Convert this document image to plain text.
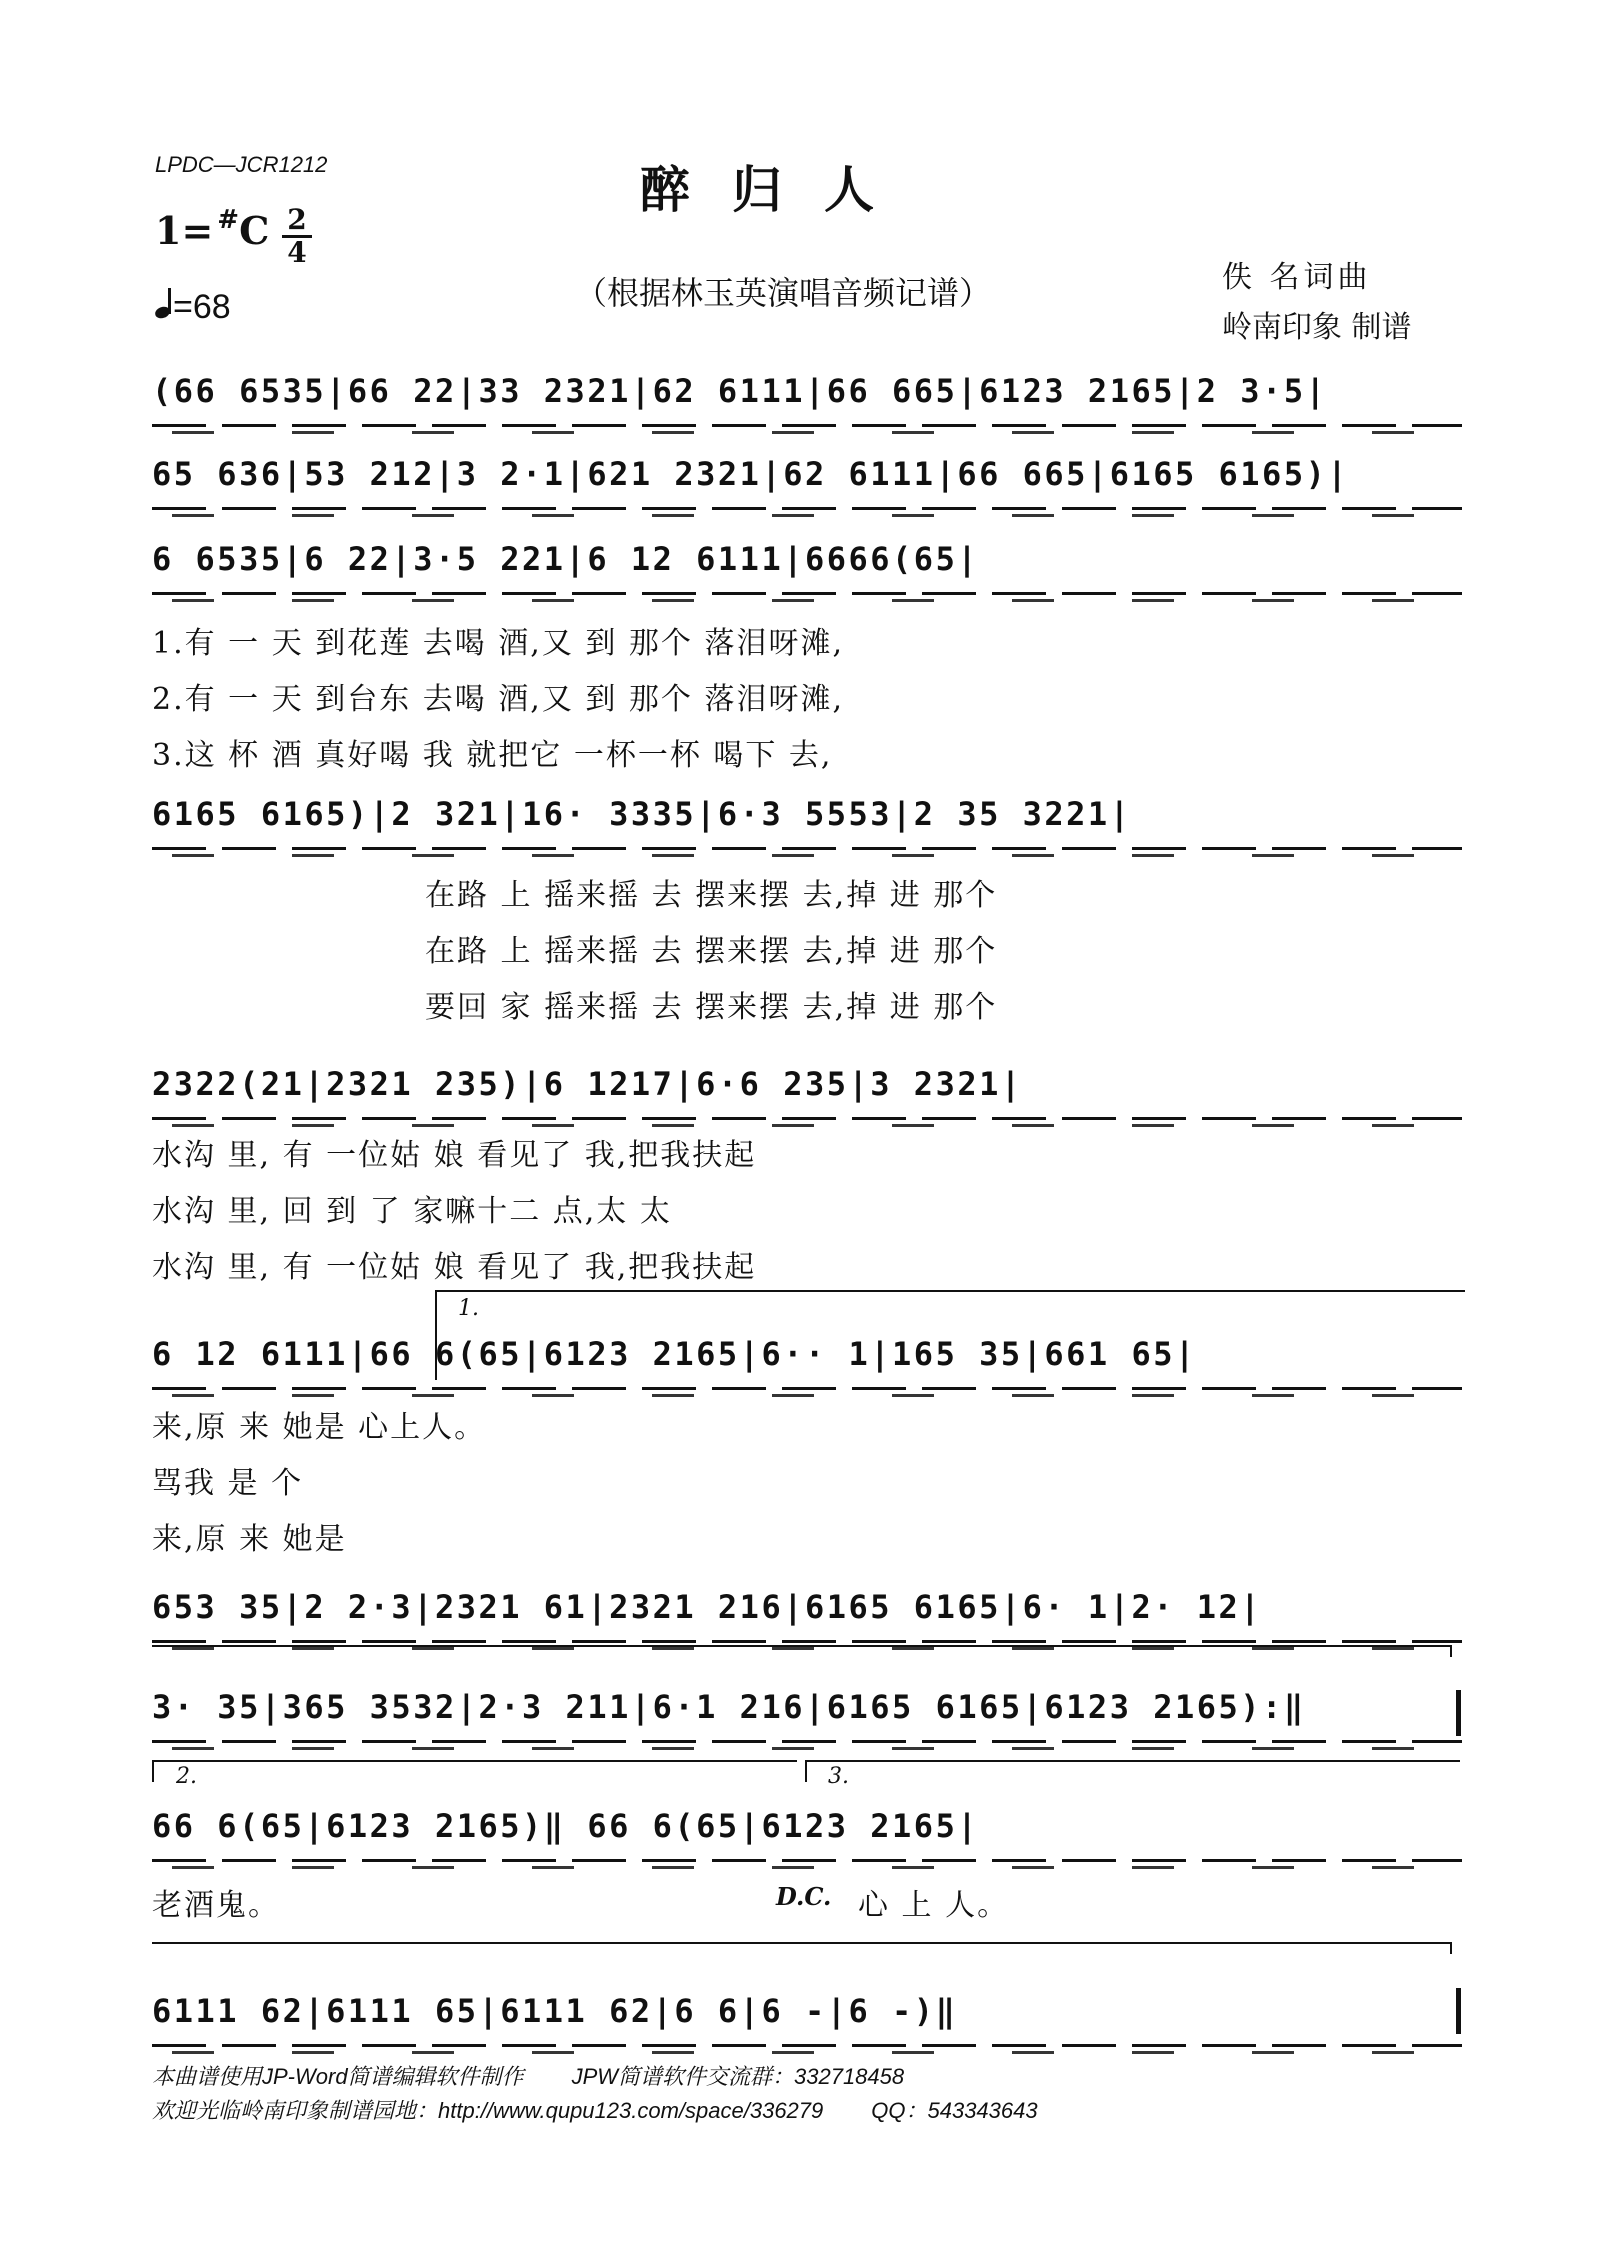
LPDC—JCR1212	醉归人
1= #C 2
4
=68	（根据林玉英演唱音频记谱）	佚 名词曲
岭南印象 制谱
(66 6535|66 22|33 2321|62 6111|66 665|6123 2165|2 3·5|
65 636|53 212|3 2·1|621 2321|62 6111|66 665|6165 6165)|
6 6535|6 22|3·5 221|6 12 6111|6666(65|
1.有 一 天 到花莲 去喝 酒,又 到 那个 落泪呀滩,
2.有 一 天 到台东 去喝 酒,又 到 那个 落泪呀滩,
3.这 杯 酒 真好喝 我 就把它 一杯一杯 喝下 去,
6165 6165)|2 321|16· 3335|6·3 5553|2 35 3221|
在路 上 摇来摇 去 摆来摆 去,掉 进 那个
在路 上 摇来摇 去 摆来摆 去,掉 进 那个
要回 家 摇来摇 去 摆来摆 去,掉 进 那个
2322(21|2321 235)|6 1217|6·6 235|3 2321|
水沟 里, 有 一位姑 娘 看见了 我,把我扶起
水沟 里, 回 到 了 家嘛十二 点,太 太
水沟 里, 有 一位姑 娘 看见了 我,把我扶起
1.
6 12 6111|66 6(65|6123 2165|6·· 1|165 35|661 65|
来,原 来 她是 心上人。
骂我 是 个
来,原 来 她是
653 35|2 2·3|2321 61|2321 216|6165 6165|6· 1|2· 12|
3· 35|365 3532|2·3 211|6·1 216|6165 6165|6123 2165):‖
2.	3.
66 6(65|6123 2165)‖ 66 6(65|6123 2165|
老酒鬼。	D.C. 心 上 人。
6111 62|6111 65|6111 62|6 6|6 -|6 -)‖
本曲谱使用JP-Word简谱编辑软件制作 JPW简谱软件交流群：332718458
欢迎光临岭南印象制谱园地：http://www.qupu123.com/space/336279 QQ：543343643
